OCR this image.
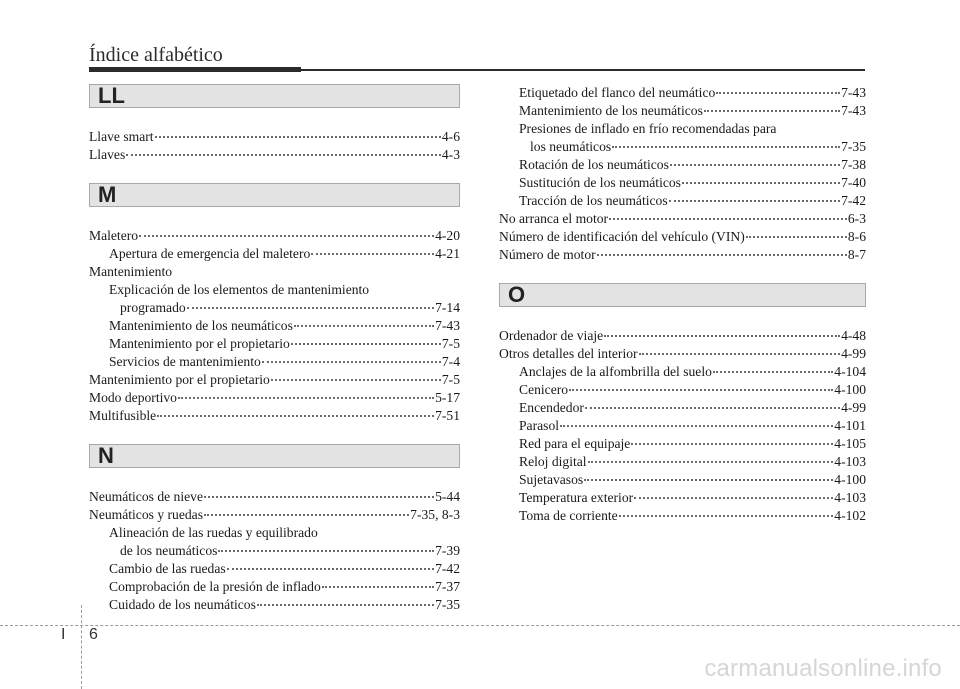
Índice alfabético
LL
Llave smart	4-6
Llaves	4-3
M
Maletero	4-20
Apertura de emergencia del maletero	4-21
Mantenimiento
Explicación de los elementos de mantenimiento
programado	7-14
Mantenimiento de los neumáticos	7-43
Mantenimiento por el propietario	7-5
Servicios de mantenimiento	7-4
Mantenimiento por el propietario	7-5
Modo deportivo	5-17
Multifusible	7-51
N
Neumáticos de nieve	5-44
Neumáticos y ruedas	7-35, 8-3
Alineación de las ruedas y equilibrado
de los neumáticos	7-39
Cambio de las ruedas	7-42
Comprobación de la presión de inflado	7-37
Cuidado de los neumáticos	7-35
Etiquetado del flanco del neumático	7-43
Mantenimiento de los neumáticos	7-43
Presiones de inflado en frío recomendadas para
los neumáticos	7-35
Rotación de los neumáticos	7-38
Sustitución de los neumáticos	7-40
Tracción de los neumáticos	7-42
No arranca el motor	6-3
Número de identificación del vehículo (VIN)	8-6
Número de motor	8-7
O
Ordenador de viaje	4-48
Otros detalles del interior	4-99
Anclajes de la alfombrilla del suelo	4-104
Cenicero	4-100
Encendedor	4-99
Parasol	4-101
Red para el equipaje	4-105
Reloj digital	4-103
Sujetavasos	4-100
Temperatura exterior	4-103
Toma de corriente	4-102
I 6
carmanualsonline.info
